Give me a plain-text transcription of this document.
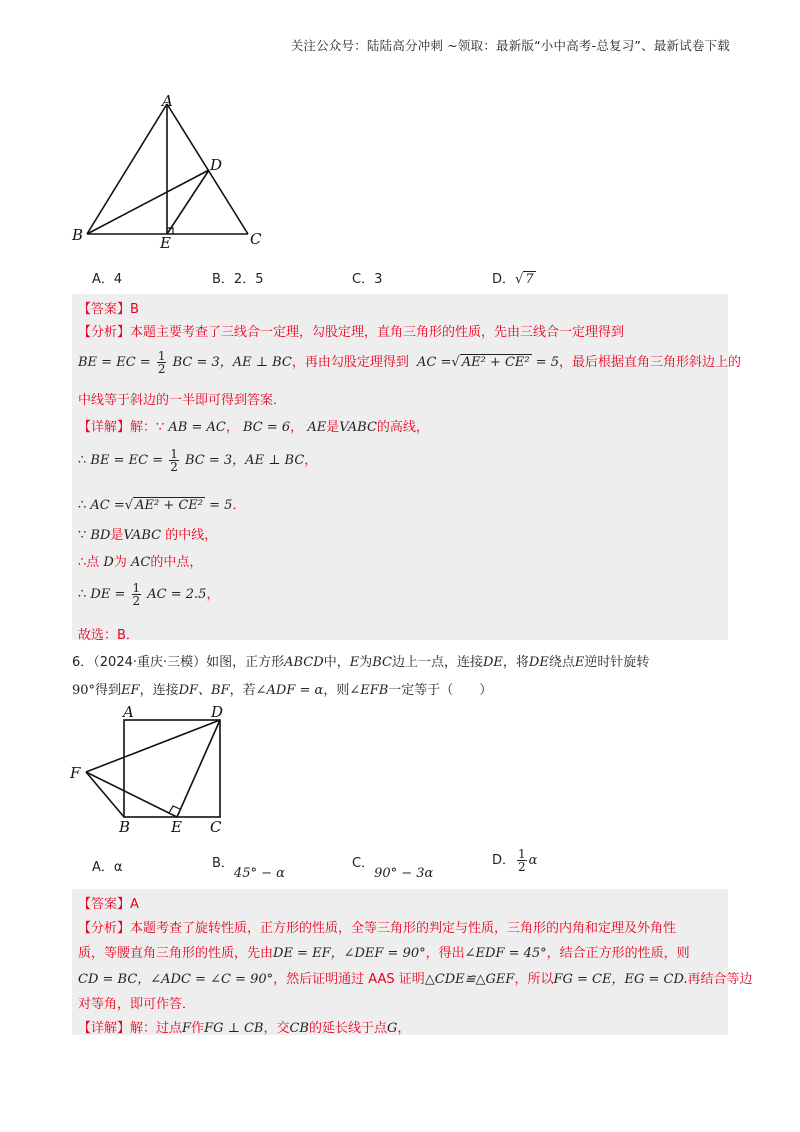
关注公众号：陆陆高分冲刺 ~领取：最新版“小中高考-总复习”、最新试卷下载
A
B	C
D
E
A．4	B．2．5	C．3	D．√ 7
【答案】B
【分析】本题主要考查了三线合一定理，勾股定理，直角三角形的性质，先由三线合一定理得到
BE = EC = $\frac{1}{2}$ BC = 3，AE ⊥ BC，再由勾股定理得到 AC =√ AE² + CE² = 5，最后根据直角三角形斜边上的
中线等于斜边的一半即可得到答案．
【详解】解：∵ AB = AC， BC = 6， AE是VABC的高线，
∴ BE = EC = $\frac{1}{2}$ BC = 3，AE ⊥ BC，
∴ AC =√ AE² + CE² = 5．
∵ BD是VABC 的中线，
∴点 D为 AC的中点，
∴ DE = $\frac{1}{2}$ AC = 2.5，
故选：B．
6．（2024·重庆·三模）如图，正方形ABCD中，E为BC边上一点，连接DE，将DE绕点E逆时针旋转
90°得到EF，连接DF、BF，若∠ADF = α，则∠EFB一定等于（　　）
A	D
F
B	E C
A．α	B．45° − α
C．90° − 3α
D． $\frac{1}{2}$ α
【答案】A
【分析】本题考查了旋转性质，正方形的性质，全等三角形的判定与性质，三角形的内角和定理及外角性
质，等腰直角三角形的性质，先由DE = EF，∠DEF = 90°，得出∠EDF = 45°，结合正方形的性质，则
CD = BC，∠ADC = ∠C = 90°，然后证明通过 AAS 证明△CDE≌△GEF，所以FG = CE，EG = CD.再结合等边
对等角，即可作答．
【详解】解：过点F作FG ⊥ CB，交CB的延长线于点G，
